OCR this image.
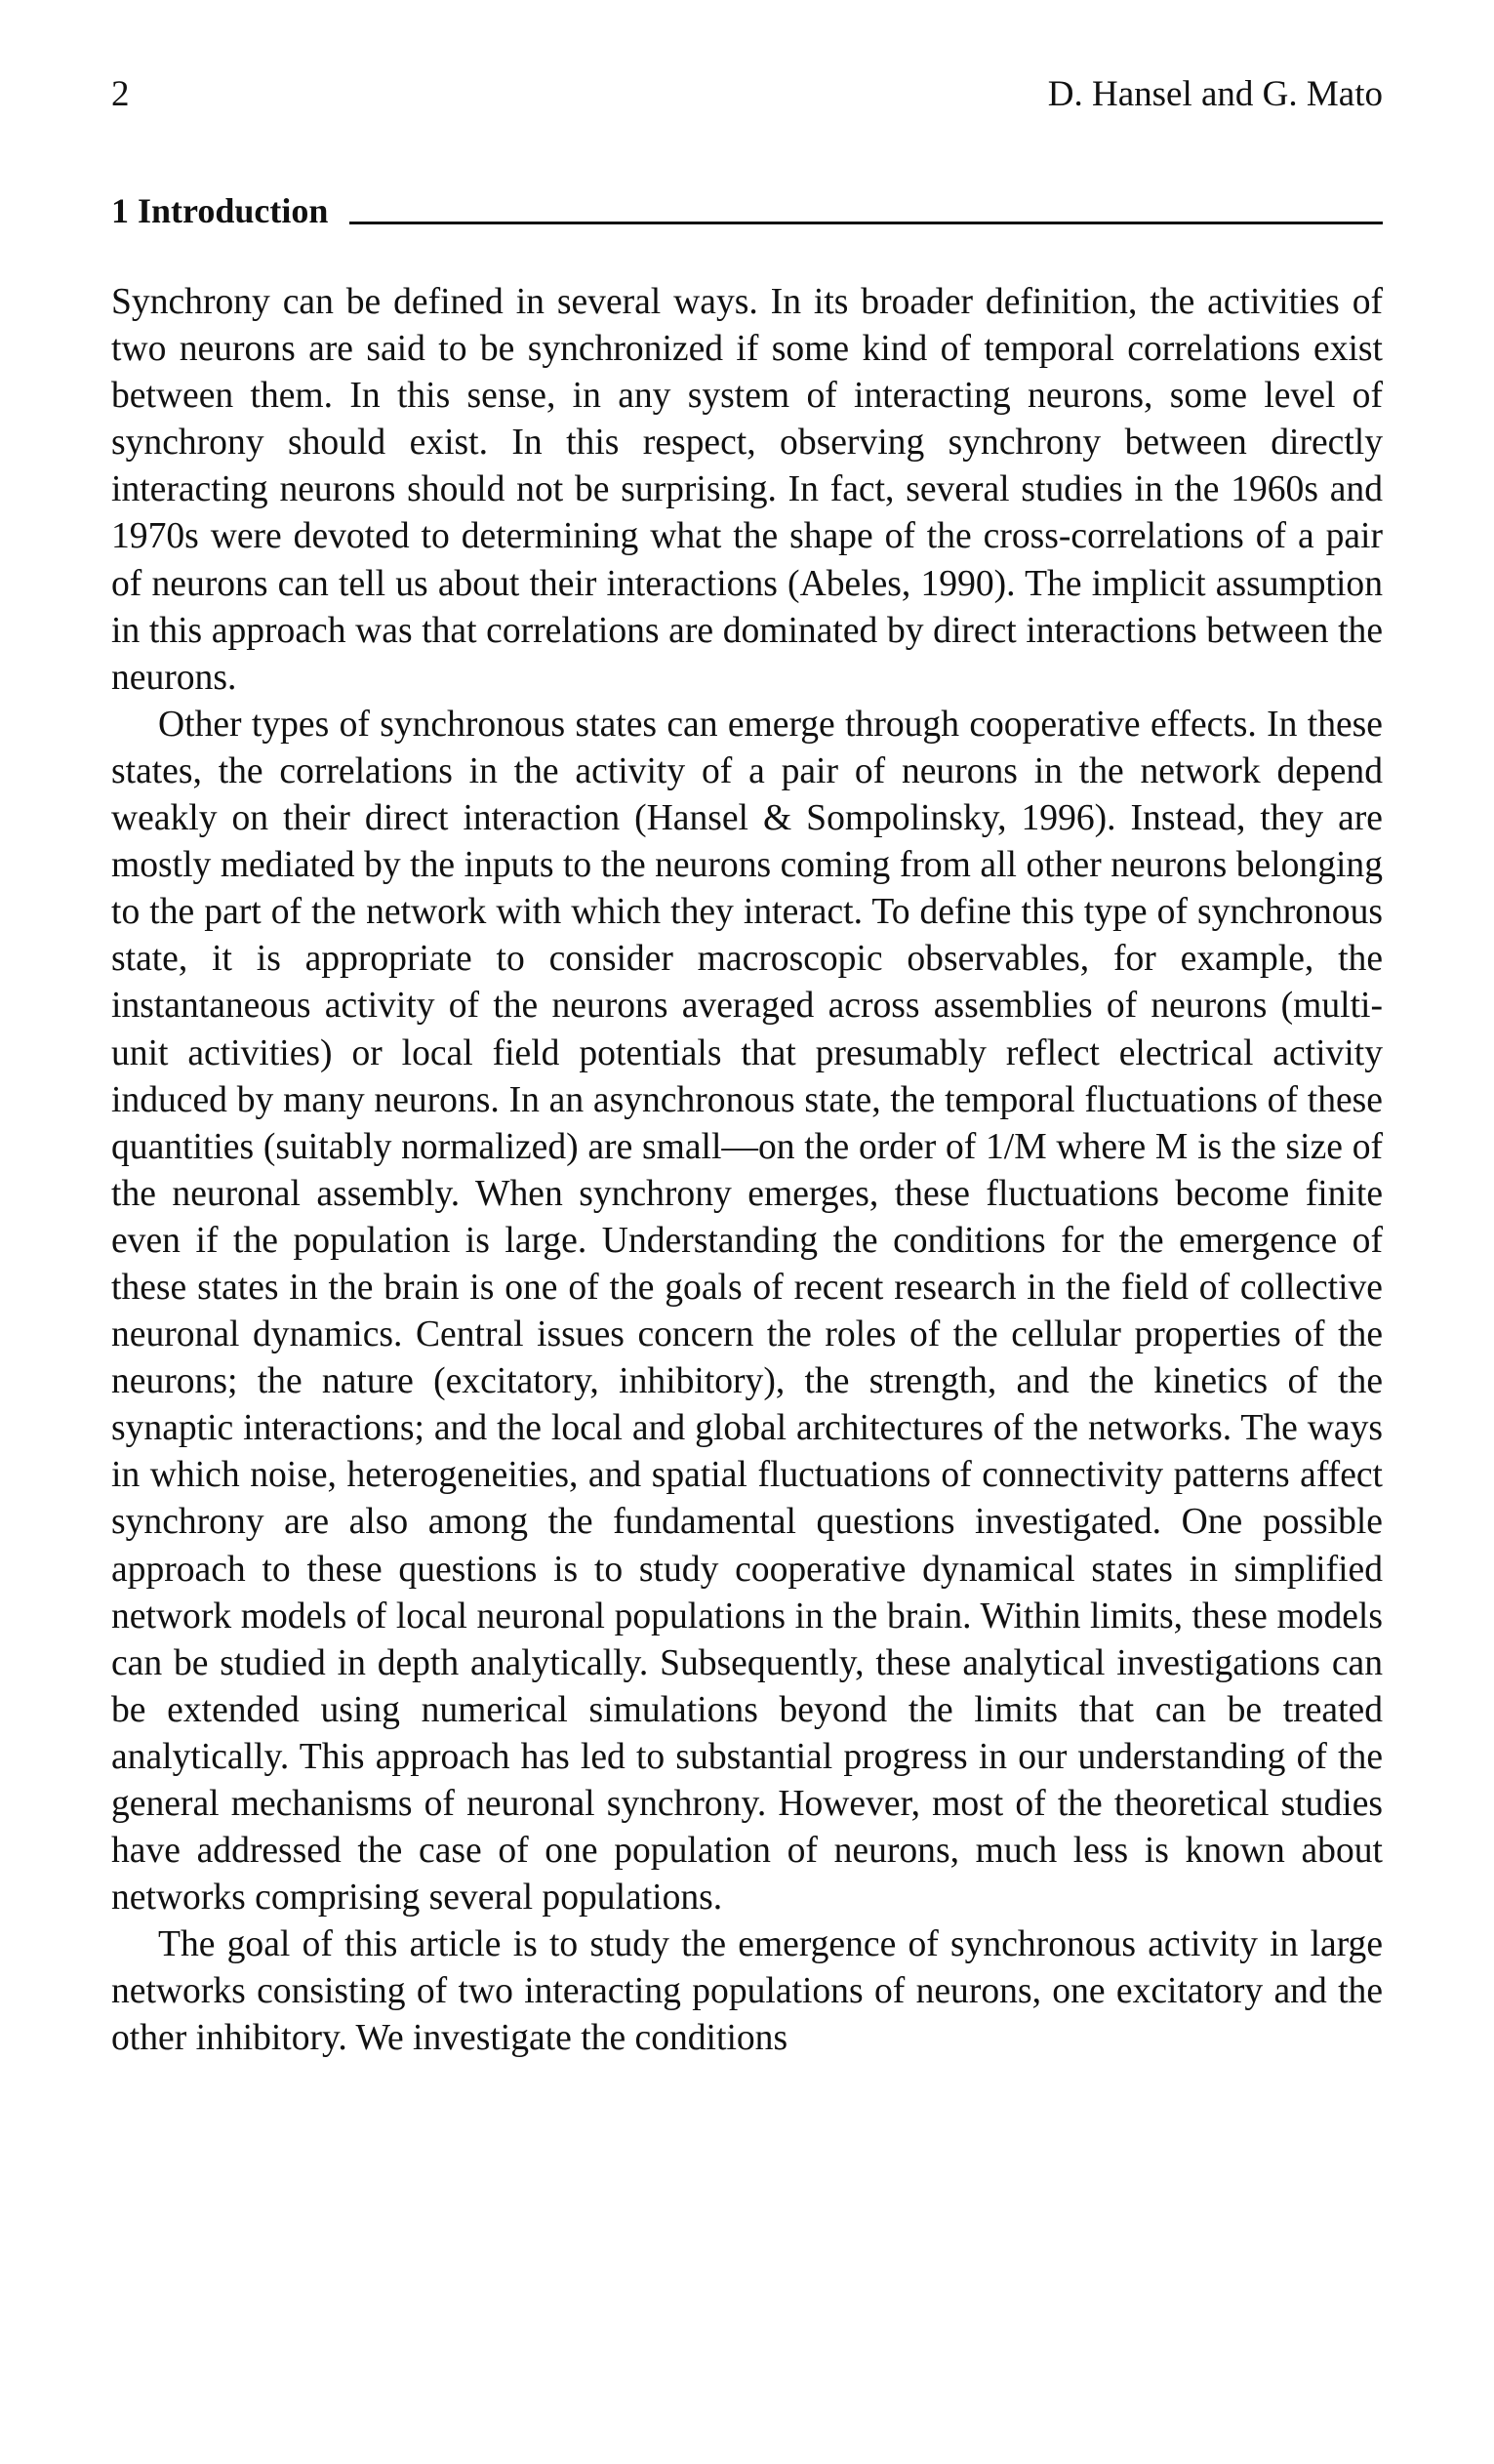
2	D. Hansel and G. Mato
1 Introduction

Synchrony can be defined in several ways. In its broader definition, the activities of two neurons are said to be synchronized if some kind of temporal correlations exist between them. In this sense, in any system of interacting neurons, some level of synchrony should exist. In this respect, observing synchrony between directly interacting neurons should not be surprising. In fact, several studies in the 1960s and 1970s were devoted to determining what the shape of the cross-correlations of a pair of neurons can tell us about their interactions (Abeles, 1990). The implicit assumption in this approach was that correlations are dominated by direct interactions between the neurons.

Other types of synchronous states can emerge through cooperative effects. In these states, the correlations in the activity of a pair of neurons in the network depend weakly on their direct interaction (Hansel & Sompolinsky, 1996). Instead, they are mostly mediated by the inputs to the neurons coming from all other neurons belonging to the part of the network with which they interact. To define this type of synchronous state, it is appropriate to consider macroscopic observables, for example, the instantaneous activity of the neurons averaged across assemblies of neurons (multi-unit activities) or local field potentials that presumably reflect electrical activity induced by many neurons. In an asynchronous state, the temporal fluctuations of these quantities (suitably normalized) are small—on the order of 1/M where M is the size of the neuronal assembly. When synchrony emerges, these fluctuations become finite even if the population is large. Understanding the conditions for the emergence of these states in the brain is one of the goals of recent research in the field of collective neuronal dynamics. Central issues concern the roles of the cellular properties of the neurons; the nature (excitatory, inhibitory), the strength, and the kinetics of the synaptic interactions; and the local and global architectures of the networks. The ways in which noise, heterogeneities, and spatial fluctuations of connectivity patterns affect synchrony are also among the fundamental questions investigated. One possible approach to these questions is to study cooperative dynamical states in simplified network models of local neuronal populations in the brain. Within limits, these models can be studied in depth analytically. Subsequently, these analytical investigations can be extended using numerical simulations beyond the limits that can be treated analytically. This approach has led to substantial progress in our understanding of the general mechanisms of neuronal synchrony. However, most of the theoretical studies have addressed the case of one population of neurons, much less is known about networks comprising several populations.

The goal of this article is to study the emergence of synchronous activity in large networks consisting of two interacting populations of neurons, one excitatory and the other inhibitory. We investigate the conditions
